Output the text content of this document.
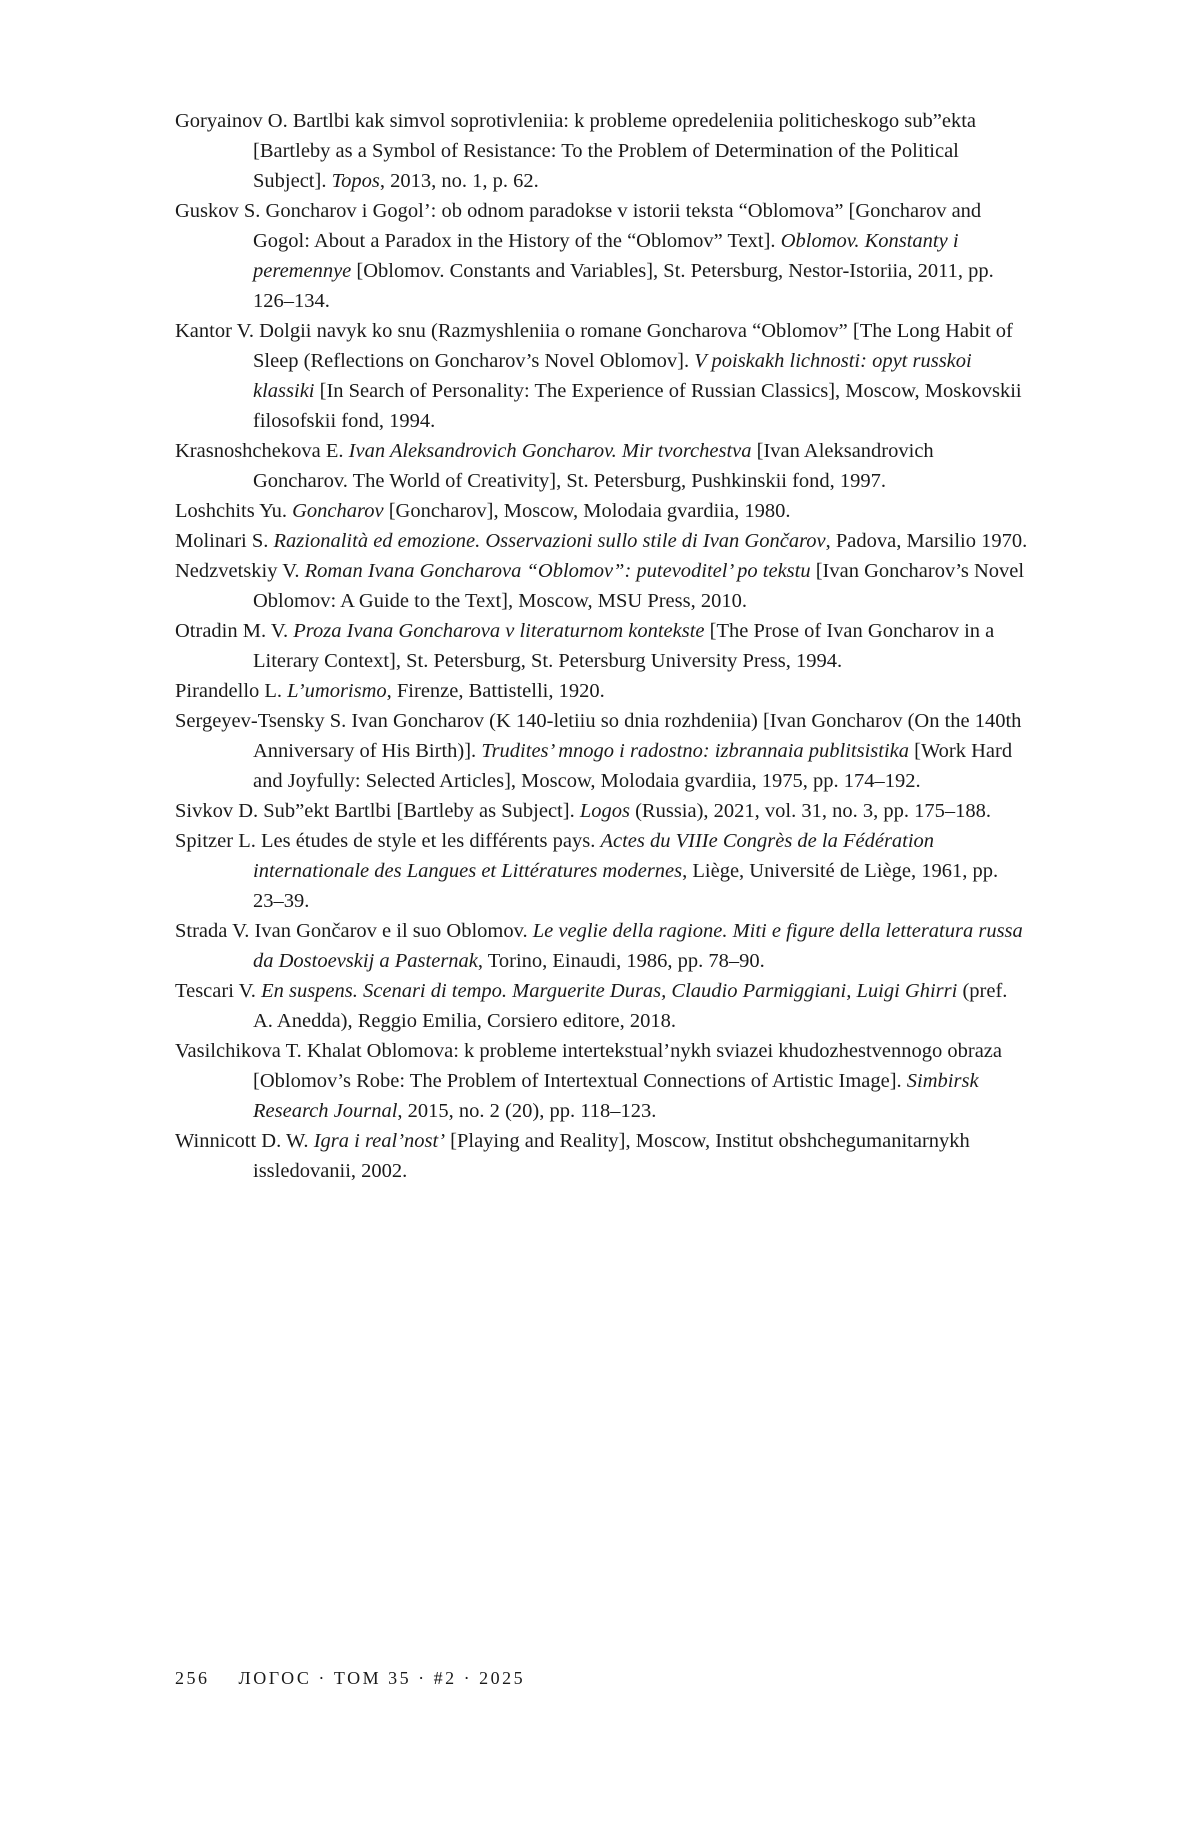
Goryainov O. Bartlbi kak simvol soprotivleniia: k probleme opredeleniia politicheskogo sub”ekta [Bartleby as a Symbol of Resistance: To the Problem of Determination of the Political Subject]. Topos, 2013, no. 1, p. 62.
Guskov S. Goncharov i Gogol’: ob odnom paradokse v istorii teksta “Oblomova” [Goncharov and Gogol: About a Paradox in the History of the “Oblomov” Text]. Oblomov. Konstanty i peremennye [Oblomov. Constants and Variables], St. Petersburg, Nestor-Istoriia, 2011, pp. 126–134.
Kantor V. Dolgii navyk ko snu (Razmyshleniia o romane Goncharova “Oblomov” [The Long Habit of Sleep (Reflections on Goncharov’s Novel Oblomov]. V poiskakh lichnosti: opyt russkoi klassiki [In Search of Personality: The Experience of Russian Classics], Moscow, Moskovskii filosofskii fond, 1994.
Krasnoshchekova E. Ivan Aleksandrovich Goncharov. Mir tvorchestva [Ivan Aleksandrovich Goncharov. The World of Creativity], St. Petersburg, Pushkinskii fond, 1997.
Loshchits Yu. Goncharov [Goncharov], Moscow, Molodaia gvardiia, 1980.
Molinari S. Razionalità ed emozione. Osservazioni sullo stile di Ivan Gončarov, Padova, Marsilio 1970.
Nedzvetskiy V. Roman Ivana Goncharova “Oblomov”: putevoditel’ po tekstu [Ivan Goncharov’s Novel Oblomov: A Guide to the Text], Moscow, MSU Press, 2010.
Otradin M. V. Proza Ivana Goncharova v literaturnom kontekste [The Prose of Ivan Goncharov in a Literary Context], St. Petersburg, St. Petersburg University Press, 1994.
Pirandello L. L’umorismo, Firenze, Battistelli, 1920.
Sergeyev-Tsensky S. Ivan Goncharov (K 140-letiiu so dnia rozhdeniia) [Ivan Goncharov (On the 140th Anniversary of His Birth)]. Trudites’ mnogo i radostno: izbrannaia publitsistika [Work Hard and Joyfully: Selected Articles], Moscow, Molodaia gvardiia, 1975, pp. 174–192.
Sivkov D. Sub”ekt Bartlbi [Bartleby as Subject]. Logos (Russia), 2021, vol. 31, no. 3, pp. 175–188.
Spitzer L. Les études de style et les différents pays. Actes du VIIIe Congrès de la Fédération internationale des Langues et Littératures modernes, Liège, Université de Liège, 1961, pp. 23–39.
Strada V. Ivan Gončarov e il suo Oblomov. Le veglie della ragione. Miti e figure della letteratura russa da Dostoevskij a Pasternak, Torino, Einaudi, 1986, pp. 78–90.
Tescari V. En suspens. Scenari di tempo. Marguerite Duras, Claudio Parmiggiani, Luigi Ghirri (pref. A. Anedda), Reggio Emilia, Corsiero editore, 2018.
Vasilchikova T. Khalat Oblomova: k probleme intertekstual’nykh sviazei khudozhestvennogo obraza [Oblomov’s Robe: The Problem of Intertextual Connections of Artistic Image]. Simbirsk Research Journal, 2015, no. 2 (20), pp. 118–123.
Winnicott D. W. Igra i real’nost’ [Playing and Reality], Moscow, Institut obshchegumanitarnykh issledovanii, 2002.
256 ЛОГОС · ТОМ 35 · #2 · 2025
